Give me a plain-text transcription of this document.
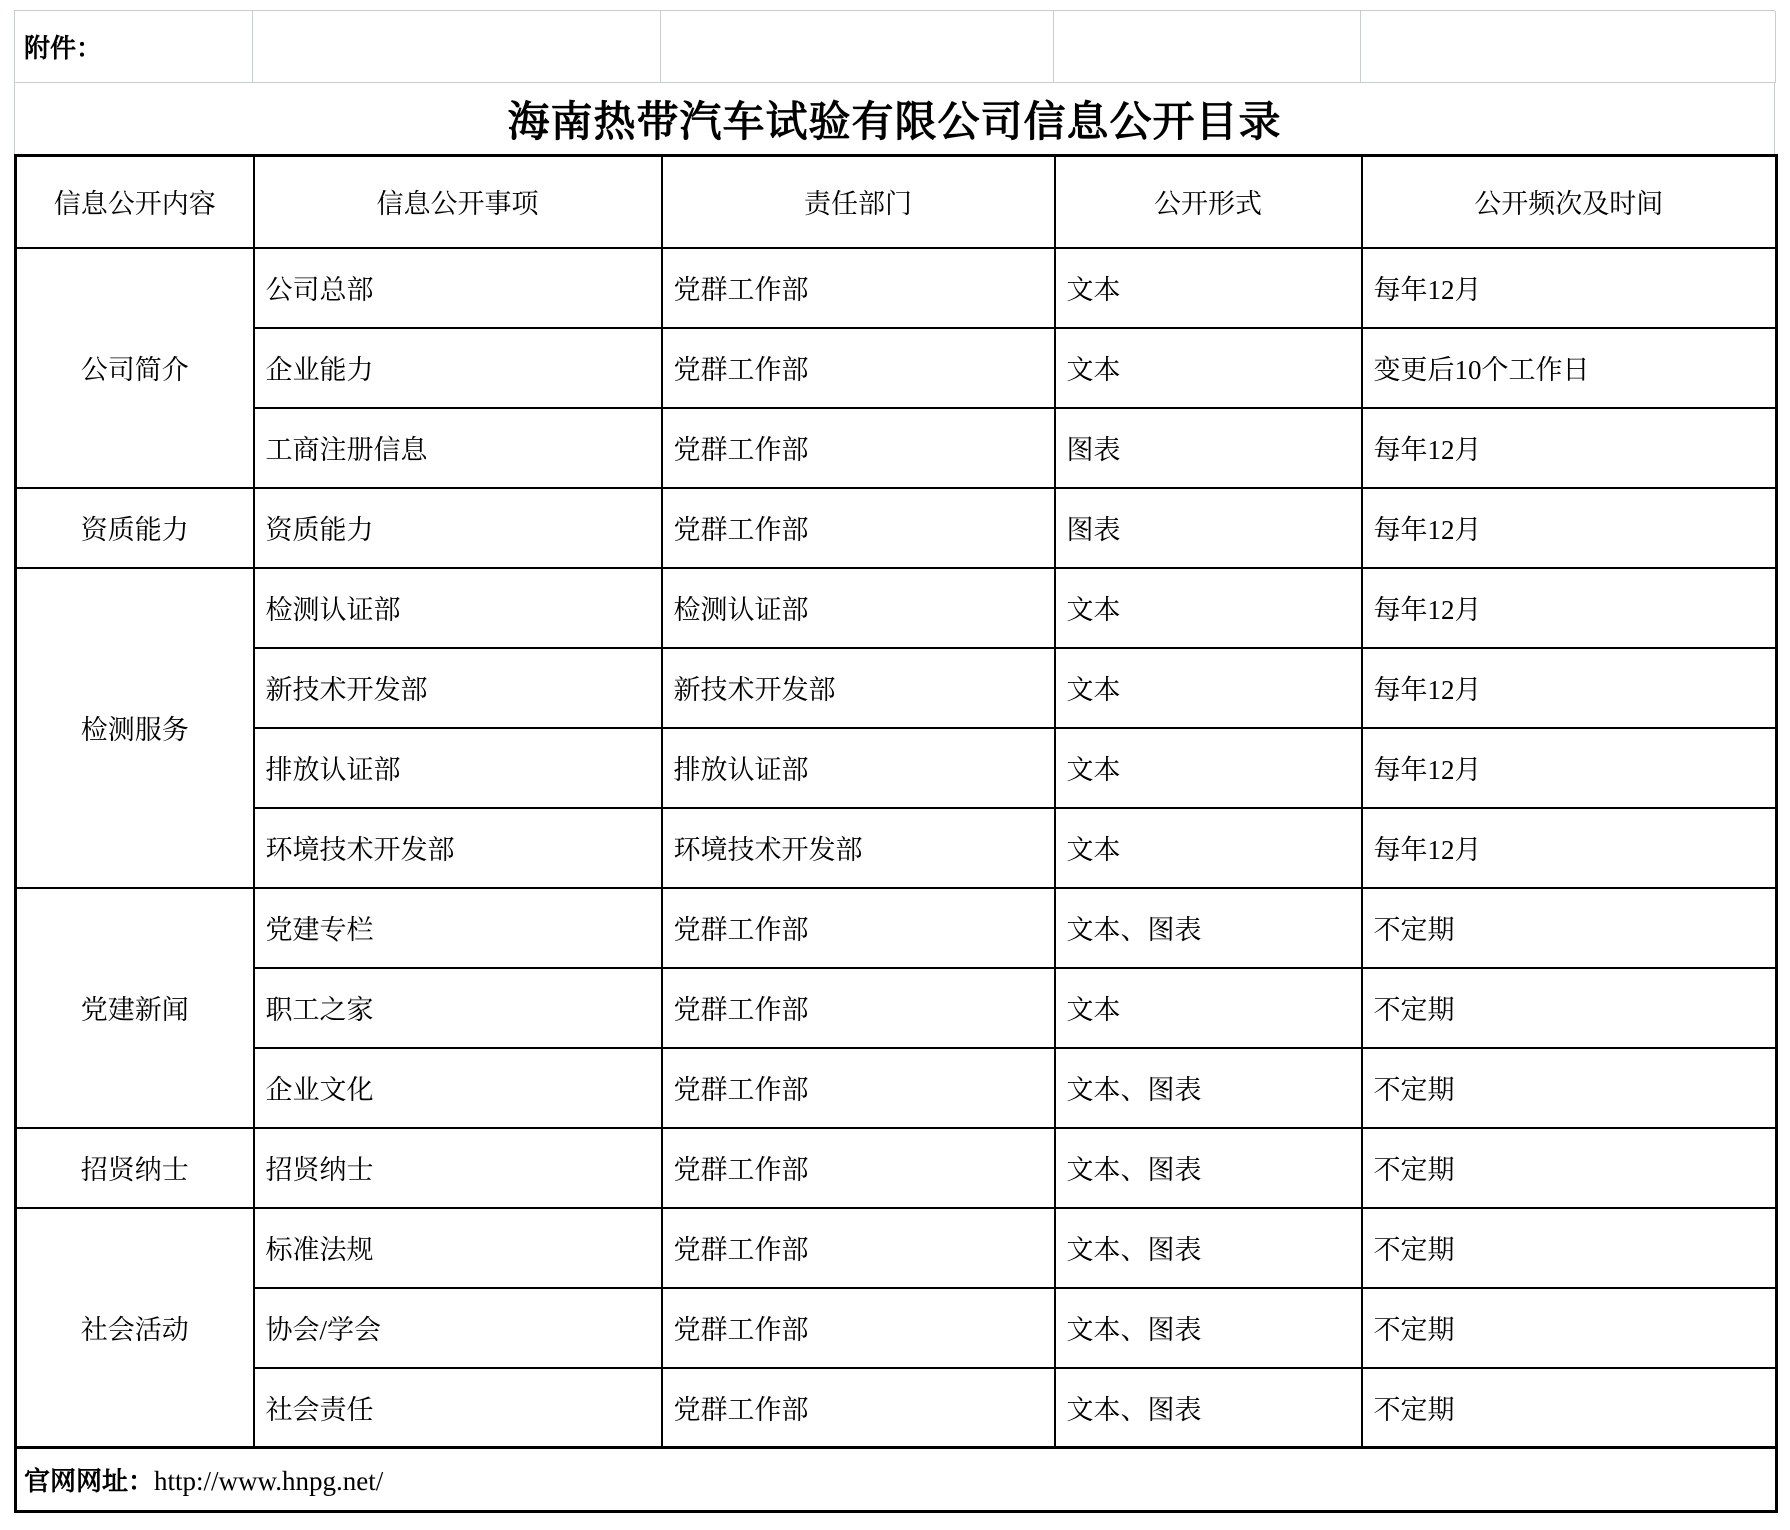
附件：
海南热带汽车试验有限公司信息公开目录
信息公开内容	信息公开事项	责任部门	公开形式	公开频次及时间
公司简介	公司总部	党群工作部	文本	每年12月
	企业能力	党群工作部	文本	变更后10个工作日
	工商注册信息	党群工作部	图表	每年12月
资质能力	资质能力	党群工作部	图表	每年12月
检测服务	检测认证部	检测认证部	文本	每年12月
	新技术开发部	新技术开发部	文本	每年12月
	排放认证部	排放认证部	文本	每年12月
	环境技术开发部	环境技术开发部	文本	每年12月
党建新闻	党建专栏	党群工作部	文本、图表	不定期
	职工之家	党群工作部	文本	不定期
	企业文化	党群工作部	文本、图表	不定期
招贤纳士	招贤纳士	党群工作部	文本、图表	不定期
社会活动	标准法规	党群工作部	文本、图表	不定期
	协会/学会	党群工作部	文本、图表	不定期
	社会责任	党群工作部	文本、图表	不定期
官网网址：http://www.hnpg.net/				
